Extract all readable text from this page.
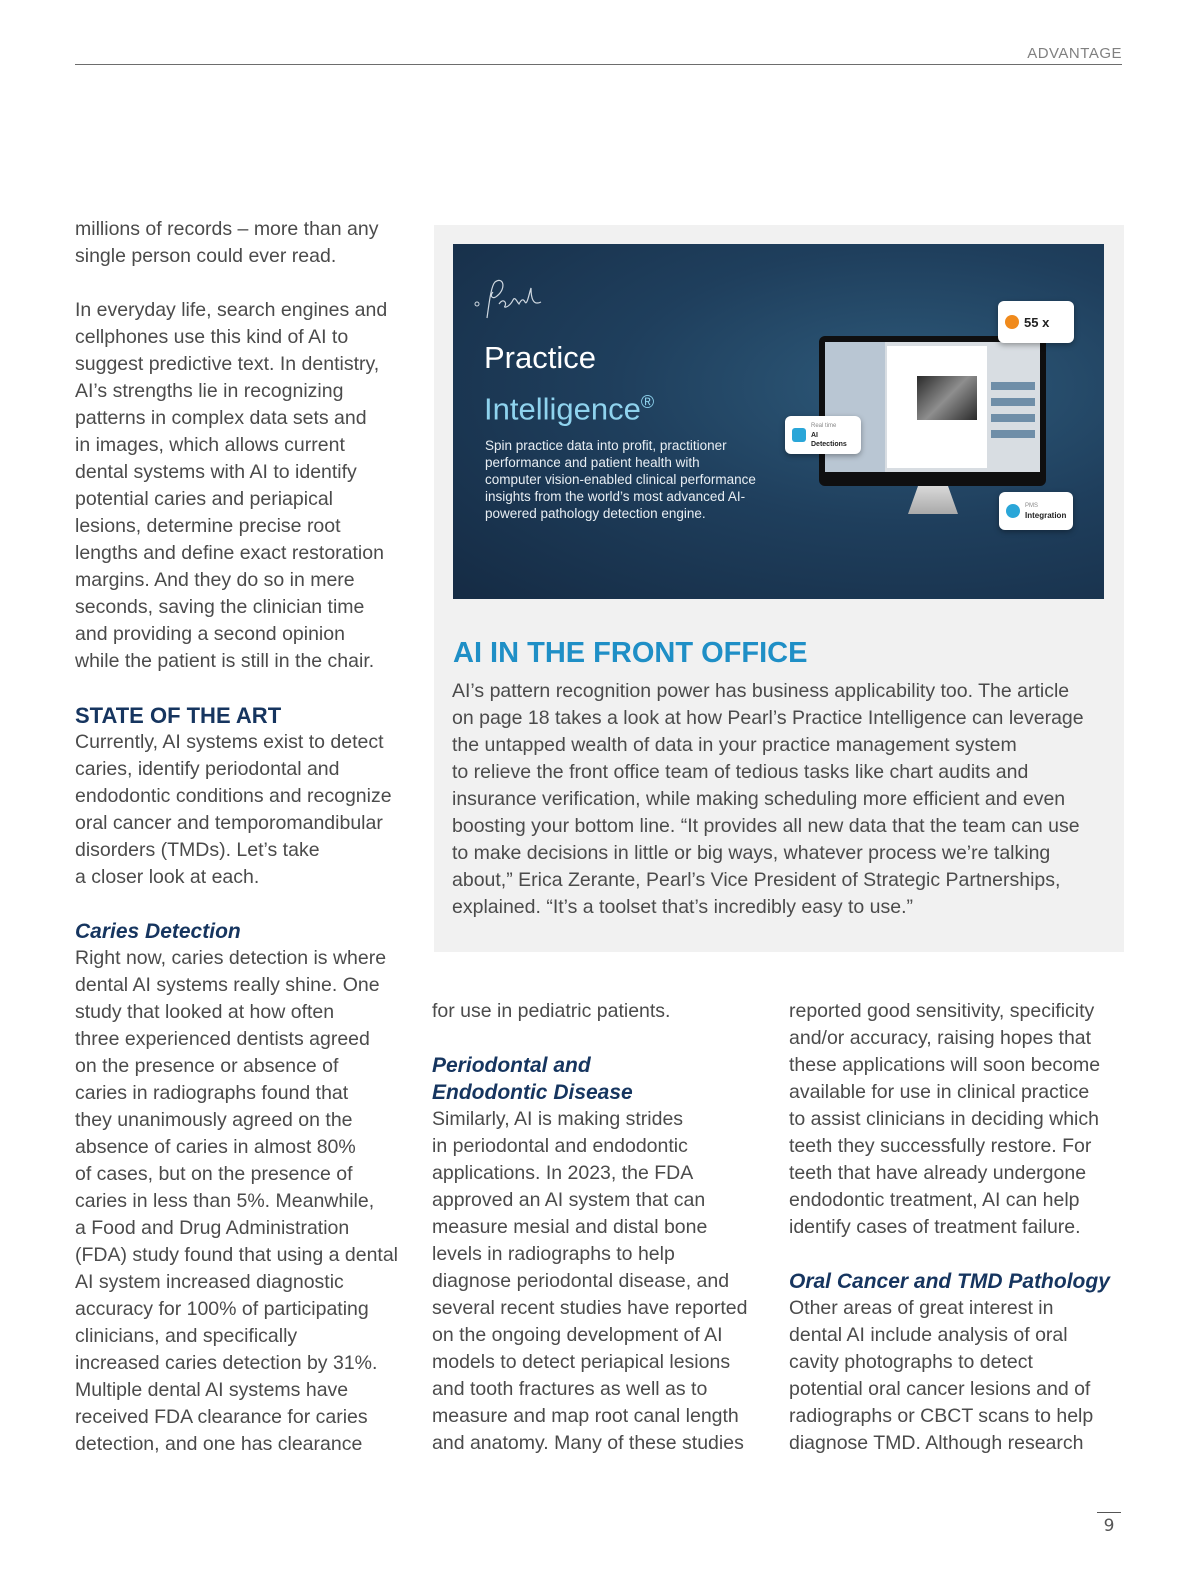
ADVANTAGE

millions of records – more than any
single person could ever read.

In everyday life, search engines and
cellphones use this kind of AI to
suggest predictive text. In dentistry,
AI’s strengths lie in recognizing
patterns in complex data sets and
in images, which allows current
dental systems with AI to identify
potential caries and periapical
lesions, determine precise root
lengths and define exact restoration
margins. And they do so in mere
seconds, saving the clinician time
and providing a second opinion
while the patient is still in the chair.

STATE OF THE ART

Currently, AI systems exist to detect
caries, identify periodontal and
endodontic conditions and recognize
oral cancer and temporomandibular
disorders (TMDs). Let’s take
a closer look at each.

Caries Detection

Right now, caries detection is where
dental AI systems really shine. One
study that looked at how often
three experienced dentists agreed
on the presence or absence of
caries in radiographs found that
they unanimously agreed on the
absence of caries in almost 80%
of cases, but on the presence of
caries in less than 5%. Meanwhile,
a Food and Drug Administration
(FDA) study found that using a dental
AI system increased diagnostic
accuracy for 100% of participating
clinicians, and specifically
increased caries detection by 31%.
Multiple dental AI systems have
received FDA clearance for caries
detection, and one has clearance

Practice
Intelligence®
Spin practice data into profit, practitioner
performance and patient health with
computer vision-enabled clinical performance
insights from the world’s most advanced AI-
powered pathology detection engine.
55 x
Real time
AI Detections
PMS
Integration
AI IN THE FRONT OFFICE

AI’s pattern recognition power has business applicability too. The article
on page 18 takes a look at how Pearl’s Practice Intelligence can leverage
the untapped wealth of data in your practice management system
to relieve the front office team of tedious tasks like chart audits and
insurance verification, while making scheduling more efficient and even
boosting your bottom line. “It provides all new data that the team can use
to make decisions in little or big ways, whatever process we’re talking
about,” Erica Zerante, Pearl’s Vice President of Strategic Partnerships,
explained. “It’s a toolset that’s incredibly easy to use.”

for use in pediatric patients.

Periodontal and
Endodontic Disease

Similarly, AI is making strides
in periodontal and endodontic
applications. In 2023, the FDA
approved an AI system that can
measure mesial and distal bone
levels in radiographs to help
diagnose periodontal disease, and
several recent studies have reported
on the ongoing development of AI
models to detect periapical lesions
and tooth fractures as well as to
measure and map root canal length
and anatomy. Many of these studies

reported good sensitivity, specificity
and/or accuracy, raising hopes that
these applications will soon become
available for use in clinical practice
to assist clinicians in deciding which
teeth they successfully restore. For
teeth that have already undergone
endodontic treatment, AI can help
identify cases of treatment failure.

Oral Cancer and TMD Pathology

Other areas of great interest in
dental AI include analysis of oral
cavity photographs to detect
potential oral cancer lesions and of
radiographs or CBCT scans to help
diagnose TMD. Although research

9
